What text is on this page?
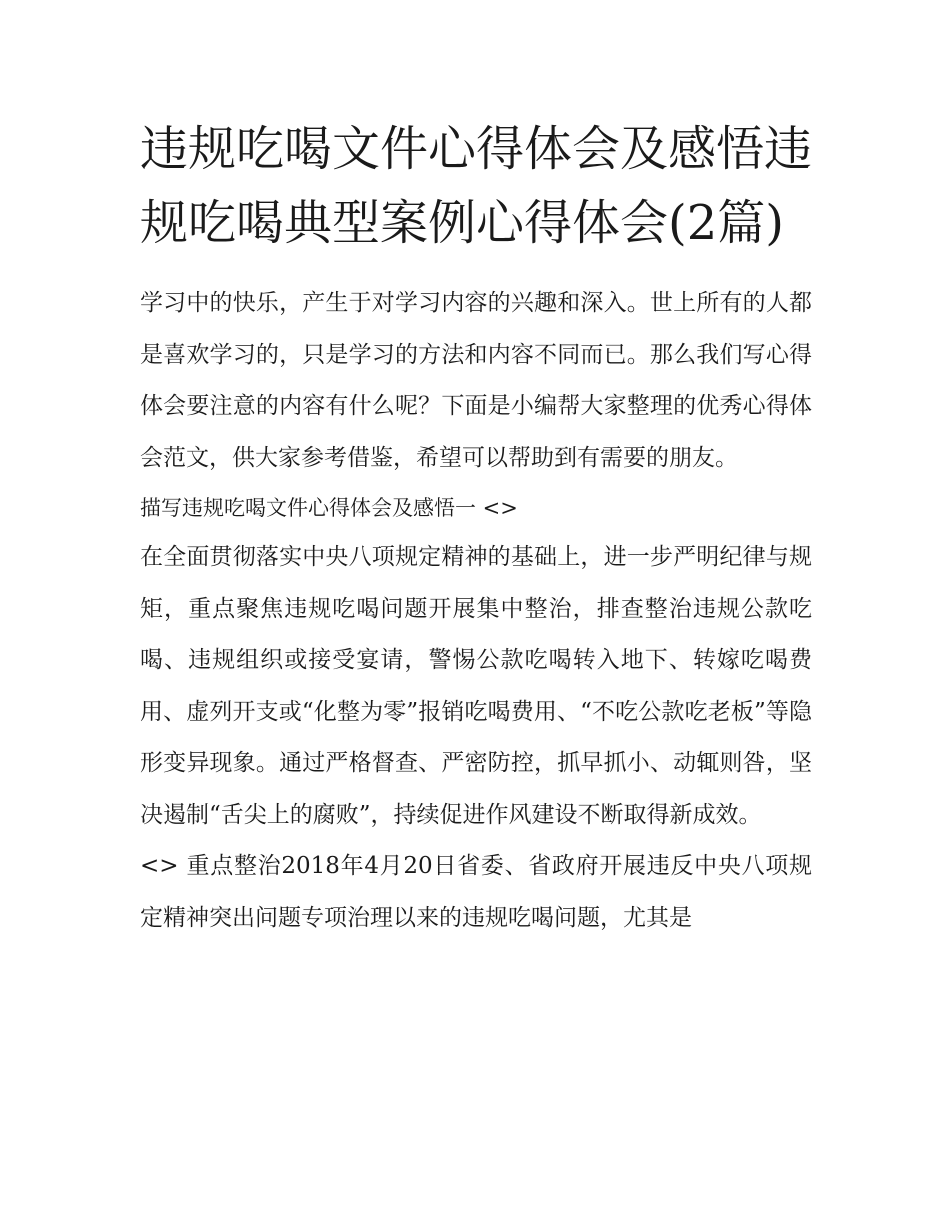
违规吃喝文件心得体会及感悟违规吃喝典型案例心得体会(2篇)

学习中的快乐，产生于对学习内容的兴趣和深入。世上所有的人都是喜欢学习的，只是学习的方法和内容不同而已。那么我们写心得体会要注意的内容有什么呢？下面是小编帮大家整理的优秀心得体会范文，供大家参考借鉴，希望可以帮助到有需要的朋友。

描写违规吃喝文件心得体会及感悟一 <>

在全面贯彻落实中央八项规定精神的基础上，进一步严明纪律与规矩，重点聚焦违规吃喝问题开展集中整治，排查整治违规公款吃喝、违规组织或接受宴请，警惕公款吃喝转入地下、转嫁吃喝费用、虚列开支或“化整为零”报销吃喝费用、“不吃公款吃老板”等隐形变异现象。通过严格督查、严密防控，抓早抓小、动辄则咎，坚决遏制“舌尖上的腐败”，持续促进作风建设不断取得新成效。

<> 重点整治2018年4月20日省委、省政府开展违反中央八项规定精神突出问题专项治理以来的违规吃喝问题，尤其是
